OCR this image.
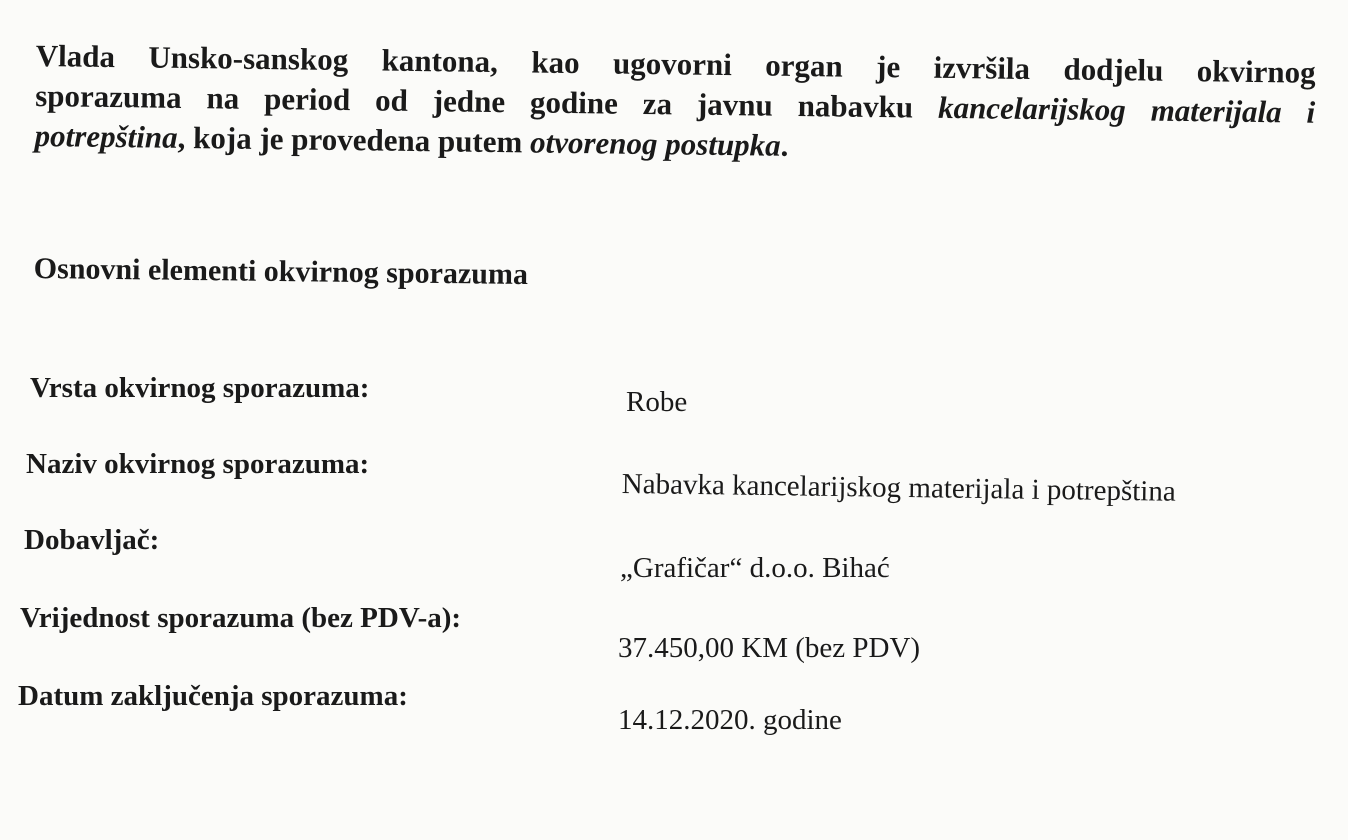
Vlada Unsko-sanskog kantona, kao ugovorni organ je izvršila dodjelu okvirnog
sporazuma na period od jedne godine za javnu nabavku kancelarijskog materijala i
potrepština, koja je provedena putem otvorenog postupka.
Osnovni elementi okvirnog sporazuma
Vrsta okvirnog sporazuma:	Robe
Naziv okvirnog sporazuma:
Nabavka kancelarijskog materijala i potrepština
Dobavljač:
„Grafičar“ d.o.o. Bihać
Vrijednost sporazuma (bez PDV-a):
37.450,00 KM (bez PDV)
Datum zaključenja sporazuma:
14.12.2020. godine
